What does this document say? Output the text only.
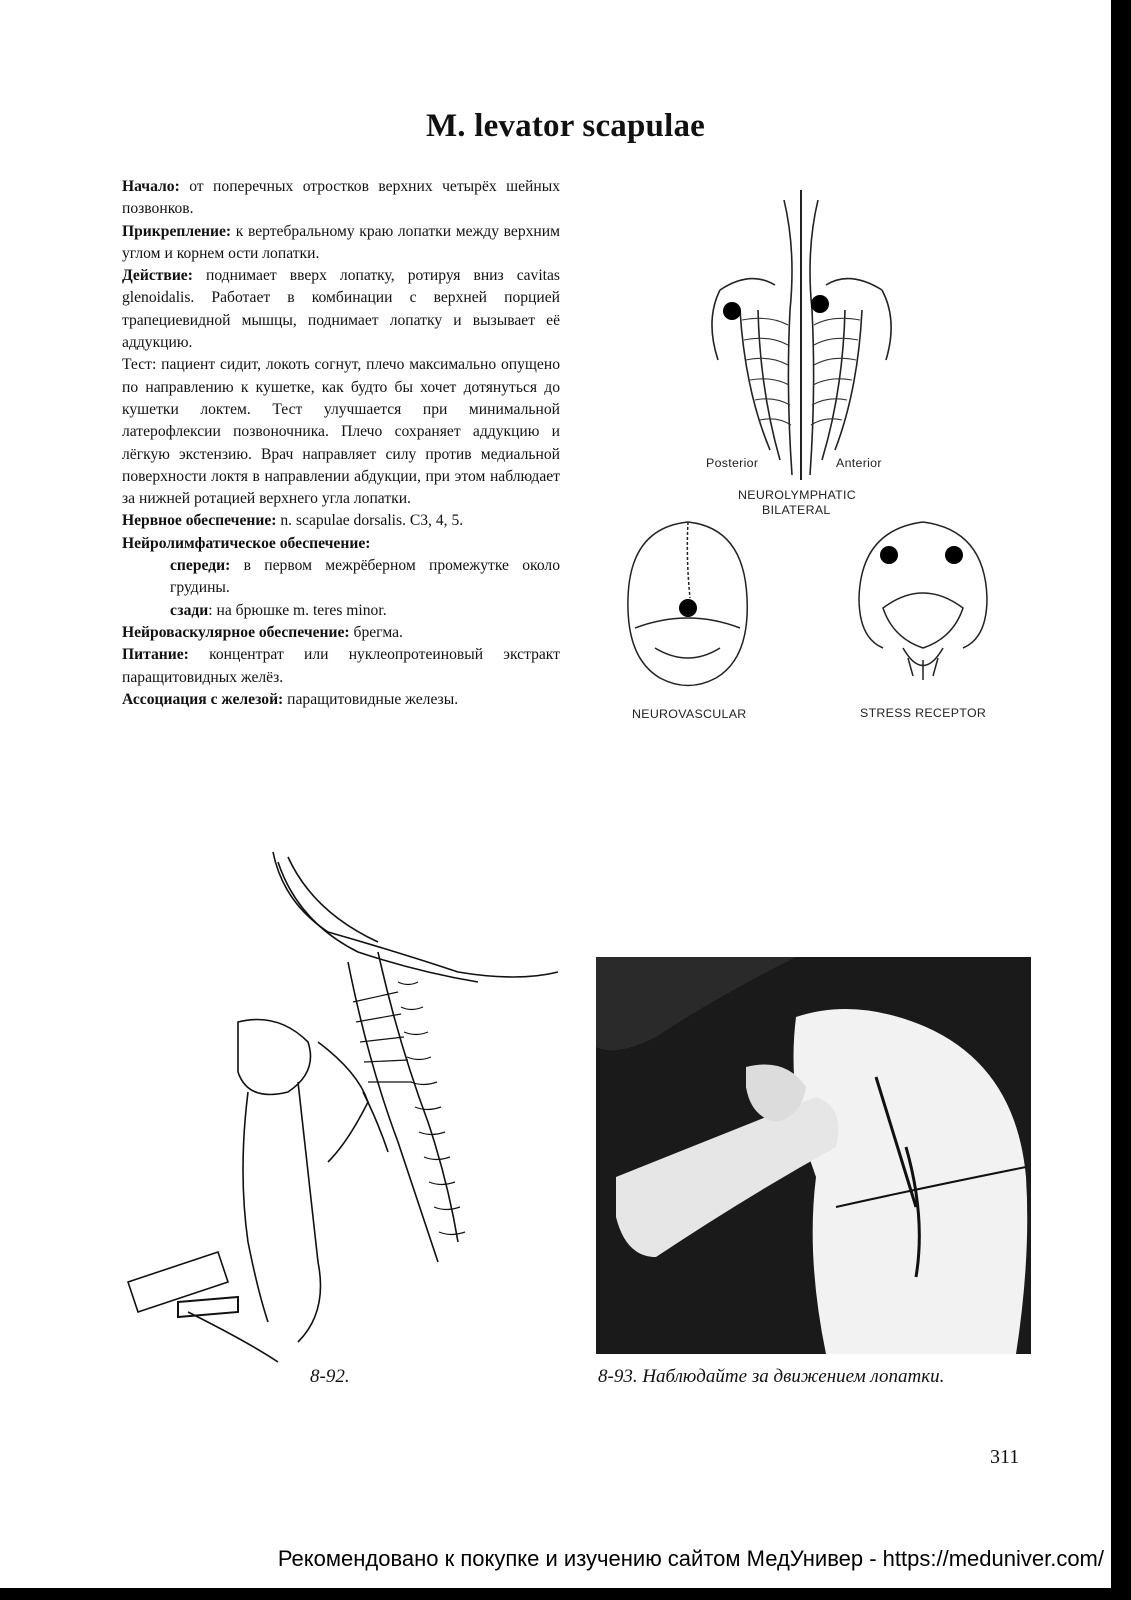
M. levator scapulae

Начало: от поперечных отростков верхних четырёх шейных позвонков.

Прикрепление: к вертебральному краю лопатки между верхним углом и корнем ости лопатки.

Действие: поднимает вверх лопатку, ротируя вниз cavitas glenoidalis. Работает в комбинации с верхней порцией трапециевидной мышцы, поднимает лопатку и вызывает её аддукцию.

Тест: пациент сидит, локоть согнут, плечо максимально опущено по направлению к кушетке, как будто бы хочет дотянуться до кушетки локтем. Тест улучшается при минимальной латерофлексии позвоночника. Плечо сохраняет аддукцию и лёгкую экстензию. Врач направляет силу против медиальной поверхности локтя в направлении абдукции, при этом наблюдает за нижней ротацией верхнего угла лопатки.

Нервное обеспечение: n. scapulae dorsalis. C3, 4, 5.

Нейролимфатическое обеспечение:

спереди: в первом межрёберном промежутке около грудины.

сзади: на брюшке m. teres minor.

Нейроваскулярное обеспечение: брегма.

Питание: концентрат или нуклеопротеиновый экстракт паращитовидных желёз.

Ассоциация с железой: паращитовидные железы.

Posterior	Anterior
NEUROLYMPHATIC
BILATERAL
NEUROVASCULAR	STRESS RECEPTOR
8-92.	8-93. Наблюдайте за движением лопатки.
311
Рекомендовано к покупке и изучению сайтом МедУнивер - https://meduniver.com/
